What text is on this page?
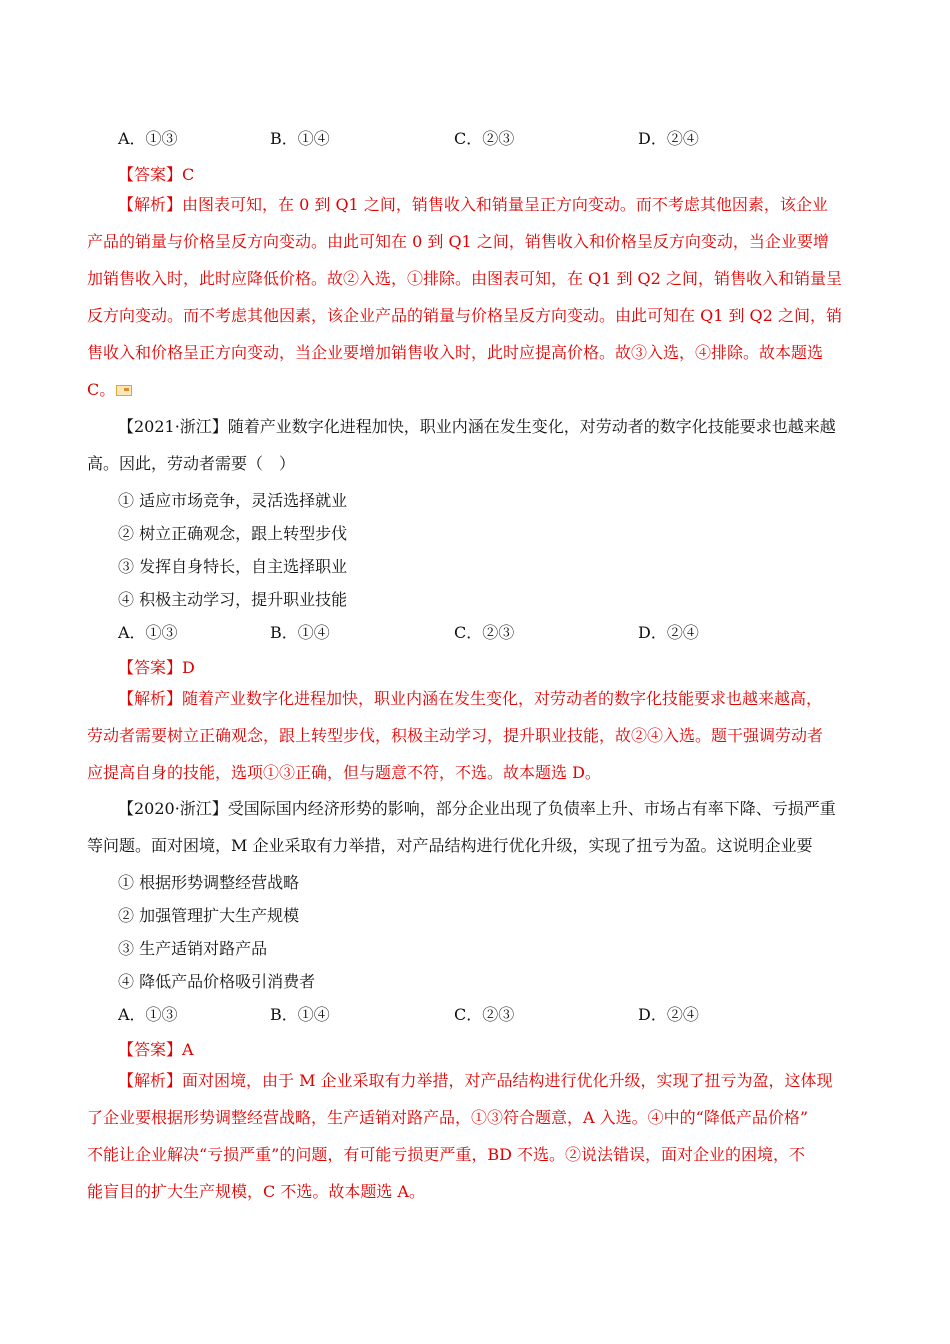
A．①③	B．①④	C．②③	D．②④
【答案】C
【解析】由图表可知，在 0 到 Q1 之间，销售收入和销量呈正方向变动。而不考虑其他因素，该企业
产品的销量与价格呈反方向变动。由此可知在 0 到 Q1 之间，销售收入和价格呈反方向变动，当企业要增
加销售收入时，此时应降低价格。故②入选，①排除。由图表可知，在 Q1 到 Q2 之间，销售收入和销量呈
反方向变动。而不考虑其他因素，该企业产品的销量与价格呈反方向变动。由此可知在 Q1 到 Q2 之间，销
售收入和价格呈正方向变动，当企业要增加销售收入时，此时应提高价格。故③入选，④排除。故本题选
C。
【2021·浙江】随着产业数字化进程加快，职业内涵在发生变化，对劳动者的数字化技能要求也越来越
高。因此，劳动者需要（　）
① 适应市场竞争，灵活选择就业
② 树立正确观念，跟上转型步伐
③ 发挥自身特长，自主选择职业
④ 积极主动学习，提升职业技能
A．①③	B．①④	C．②③	D．②④
【答案】D
【解析】随着产业数字化进程加快，职业内涵在发生变化，对劳动者的数字化技能要求也越来越高，
劳动者需要树立正确观念，跟上转型步伐，积极主动学习，提升职业技能，故②④入选。题干强调劳动者
应提高自身的技能，选项①③正确，但与题意不符，不选。故本题选 D。
【2020·浙江】受国际国内经济形势的影响，部分企业出现了负债率上升、市场占有率下降、亏损严重
等问题。面对困境，M 企业采取有力举措，对产品结构进行优化升级，实现了扭亏为盈。这说明企业要
① 根据形势调整经营战略
② 加强管理扩大生产规模
③ 生产适销对路产品
④ 降低产品价格吸引消费者
A．①③	B．①④	C．②③	D．②④
【答案】A
【解析】面对困境，由于 M 企业采取有力举措，对产品结构进行优化升级，实现了扭亏为盈，这体现
了企业要根据形势调整经营战略，生产适销对路产品，①③符合题意，A 入选。④中的“降低产品价格”
不能让企业解决“亏损严重”的问题，有可能亏损更严重，BD 不选。②说法错误，面对企业的困境，不
能盲目的扩大生产规模，C 不选。故本题选 A。
